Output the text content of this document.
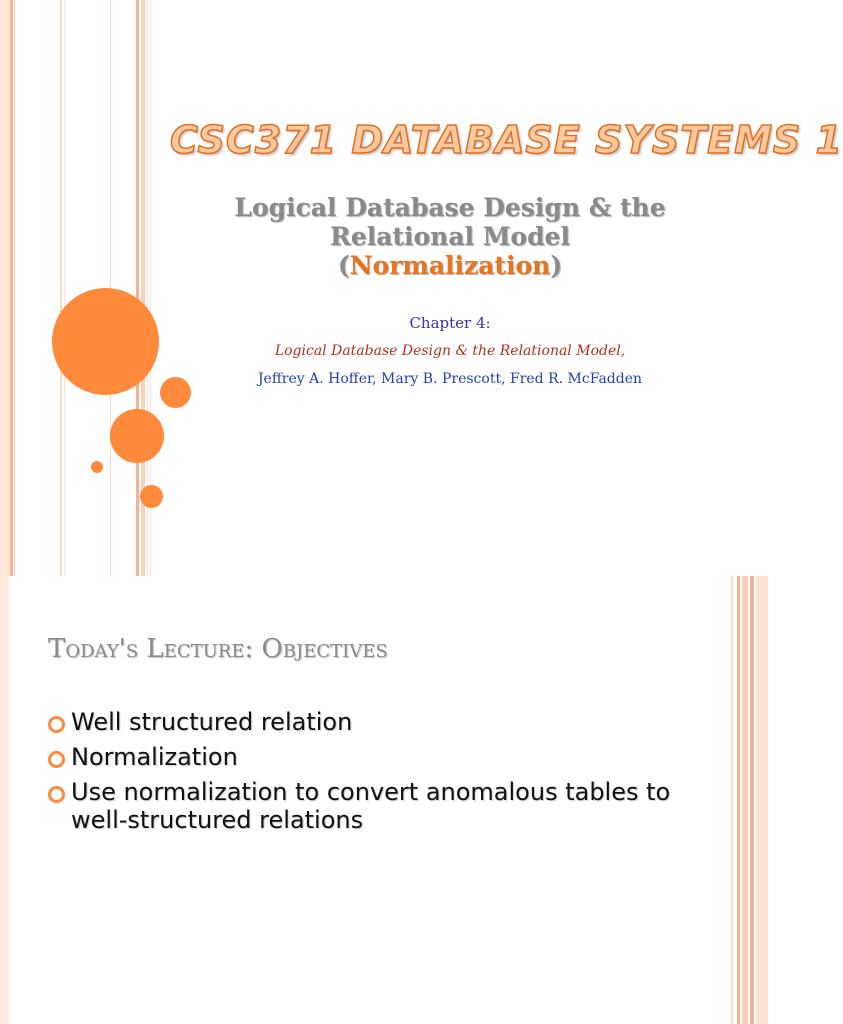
CSC371 DATABASE SYSTEMS 1
Logical Database Design & the
Relational Model
(Normalization)
Chapter 4:
Logical Database Design & the Relational Model,
Jeffrey A. Hoffer, Mary B. Prescott, Fred R. McFadden
Today's Lecture: Objectives
Well structured relation
Normalization
Use normalization to convert anomalous tables to well-structured relations
